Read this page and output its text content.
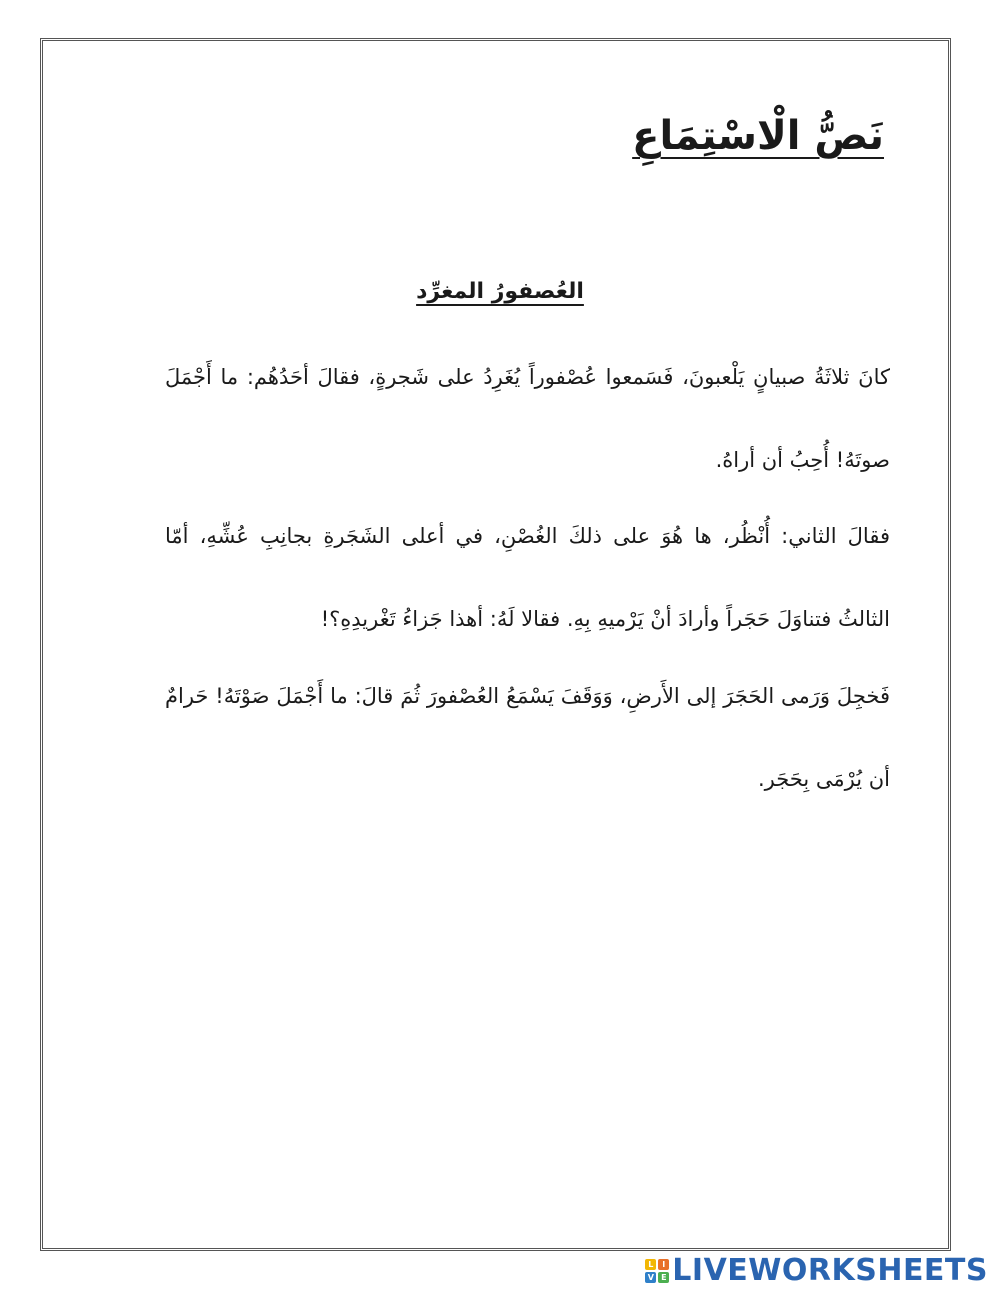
نَصُّ الْاسْتِمَاعِ
العُصفورُ المغرِّد

كانَ ثلاثَةُ صبيانٍ يَلْعبونَ، فَسَمعوا عُصْفوراً يُغَرِدُ على شَجرةٍ، فقالَ أحَدُهُم: ما أَجْمَلَ صوتَهُ! أُحِبُ أن أراهُ.

فقالَ الثاني: أُنْظُر، ها هُوَ على ذلكَ الغُصْنِ، في أعلى الشَجَرةِ بجانِبِ عُشِّهِ، أمّا الثالثُ فتناوَلَ حَجَراً وأرادَ أنْ يَرْميهِ بِهِ. فقالا لَهُ: أهذا جَزاءُ تَغْريدِهِ؟!

فَخجِلَ وَرَمى الحَجَرَ إلى الأَرضِ، وَوَقَفَ يَسْمَعُ العُصْفورَ ثُمَ قالَ: ما أَجْمَلَ صَوْتَهُ! حَرامٌ أن يُرْمَى بِحَجَر.

L	I
V E LIVEWORKSHEETS
